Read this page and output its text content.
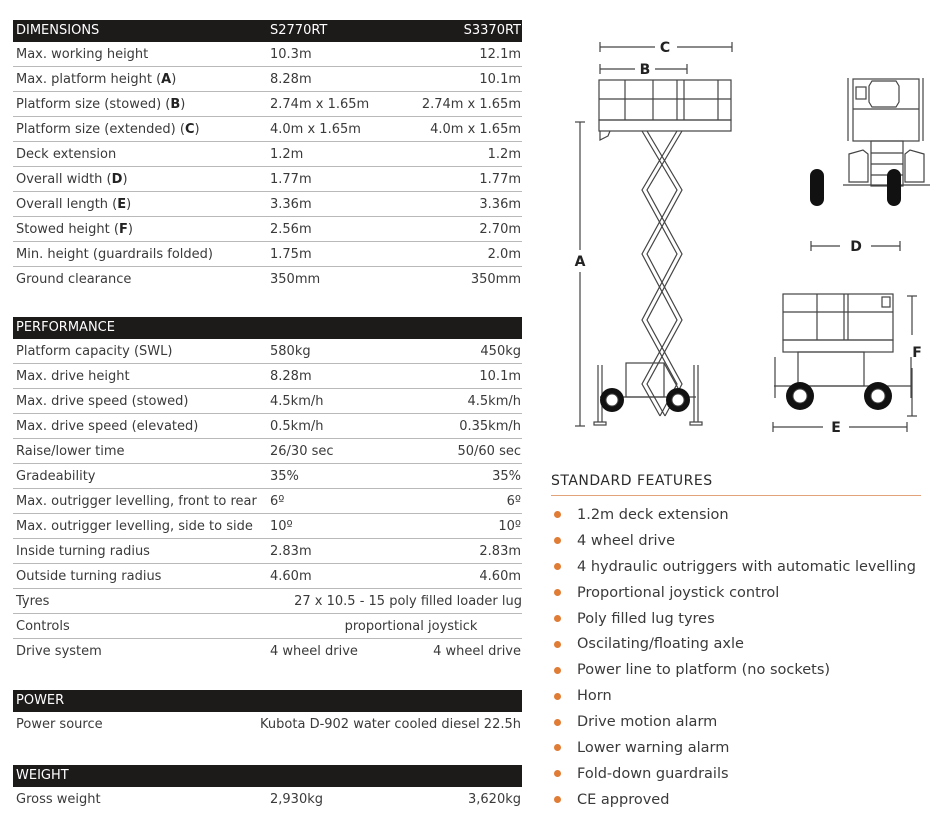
DIMENSIONS	S2770RT	S3370RT
Max. working height	10.3m	12.1m
Max. platform height (A)	8.28m	10.1m
Platform size (stowed) (B)	2.74m x 1.65m	2.74m x 1.65m
Platform size (extended) (C)	4.0m x 1.65m	4.0m x 1.65m
Deck extension	1.2m	1.2m
Overall width (D)	1.77m	1.77m
Overall length (E)	3.36m	3.36m
Stowed height (F)	2.56m	2.70m
Min. height (guardrails folded)	1.75m	2.0m
Ground clearance	350mm	350mm
PERFORMANCE
Platform capacity (SWL)	580kg	450kg
Max. drive height	8.28m	10.1m
Max. drive speed (stowed)	4.5km/h	4.5km/h
Max. drive speed (elevated)	0.5km/h	0.35km/h
Raise/lower time	26/30 sec	50/60 sec
Gradeability	35%	35%
Max. outrigger levelling, front to rear	6º	6º
Max. outrigger levelling, side to side	10º	10º
Inside turning radius	2.83m	2.83m
Outside turning radius	4.60m	4.60m
Tyres	27 x 10.5 - 15 poly filled loader lug
Controls	proportional joystick
Drive system	4 wheel drive	4 wheel drive
POWER
Power source	Kubota D-902 water cooled diesel 22.5h
WEIGHT
Gross weight	2,930kg	3,620kg
C
B
A
D
E
F
STANDARD FEATURES
1.2m deck extension
4 wheel drive
4 hydraulic outriggers with automatic levelling
Proportional joystick control
Poly filled lug tyres
Oscilating/floating axle
Power line to platform (no sockets)
Horn
Drive motion alarm
Lower warning alarm
Fold-down guardrails
CE approved
